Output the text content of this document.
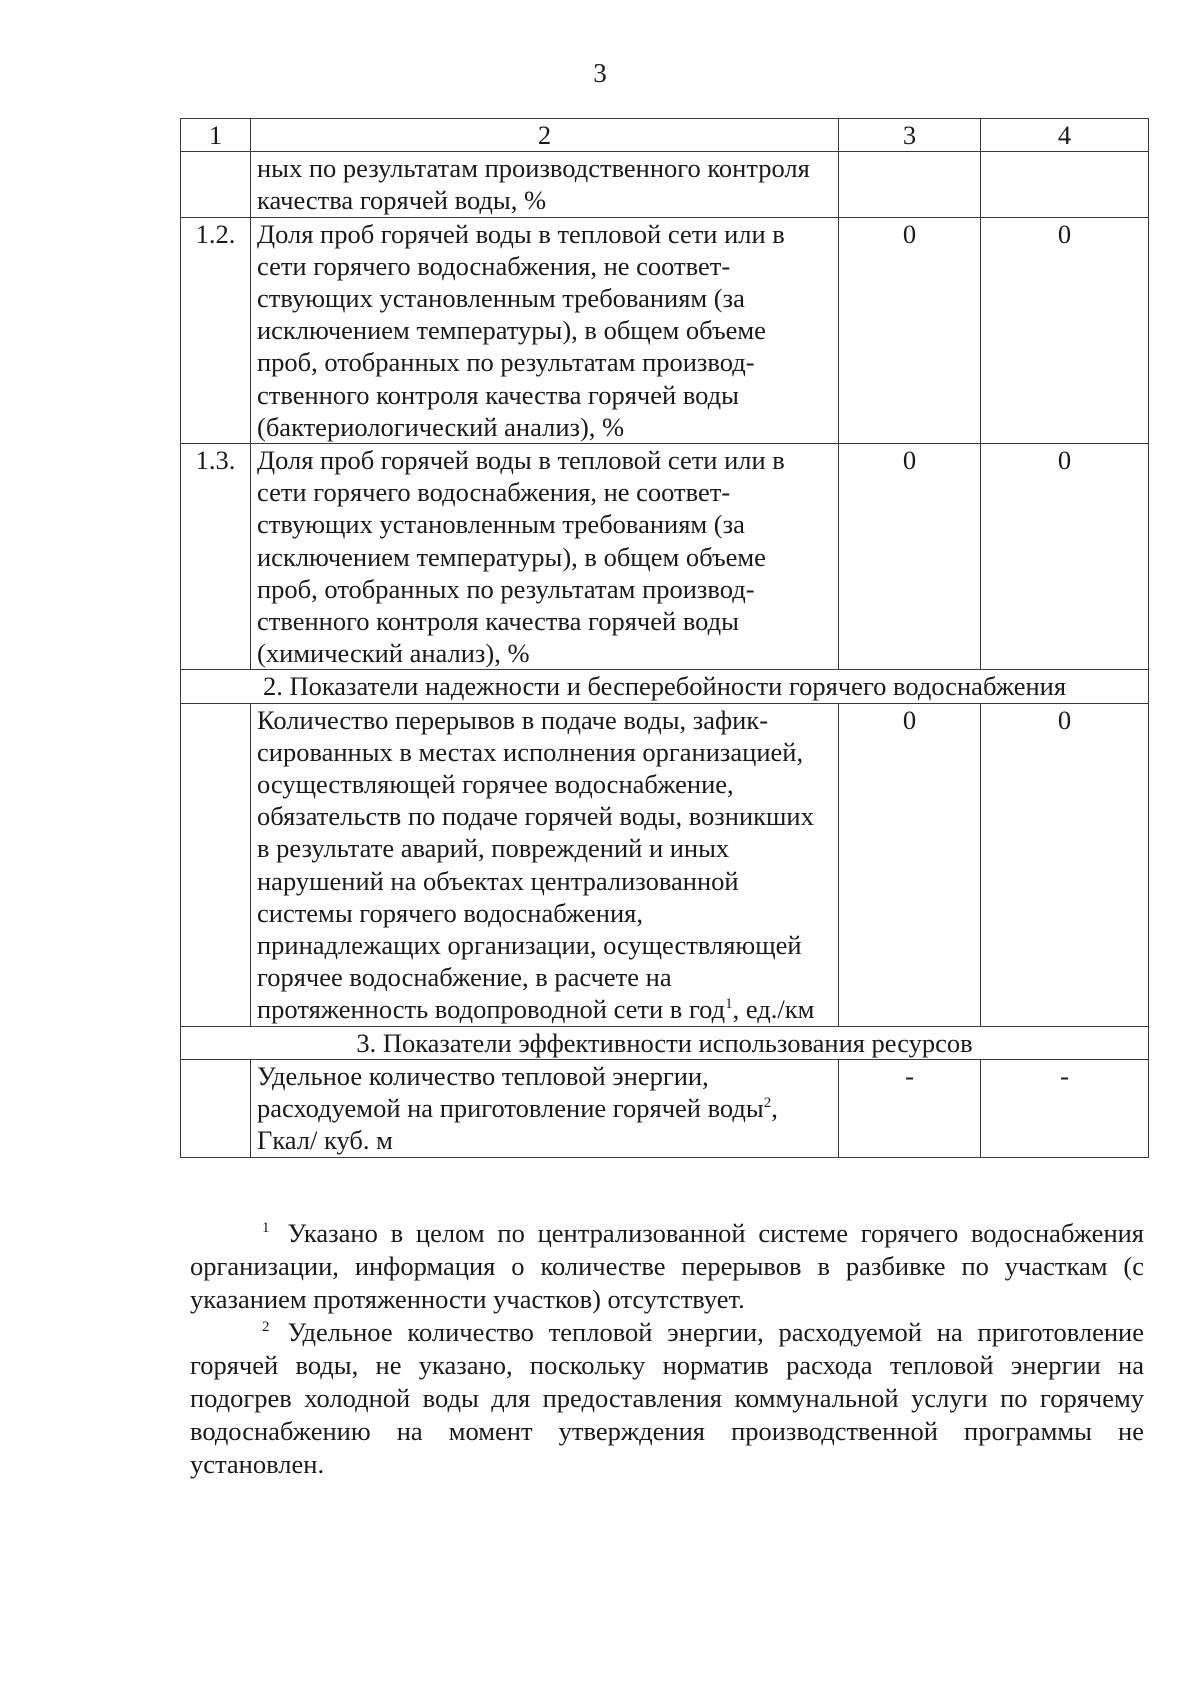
3
1	2	3	4
	ных по результатам производственного контроля качества горячей воды, %		
1.2.	Доля проб горячей воды в тепловой сети или в сети горячего водоснабжения, не соответствующих установленным требованиям (за исключением температуры), в общем объеме проб, отобранных по результатам производственного контроля качества горячей воды (бактериологический анализ), %	0	0
1.3.	Доля проб горячей воды в тепловой сети или в сети горячего водоснабжения, не соответствующих установленным требованиям (за исключением температуры), в общем объеме проб, отобранных по результатам производственного контроля качества горячей воды (химический анализ), %	0	0
2. Показатели надежности и бесперебойности горячего водоснабжения			
	Количество перерывов в подаче воды, зафиксированных в местах исполнения организацией, осуществляющей горячее водоснабжение, обязательств по подаче горячей воды, возникших в результате аварий, повреждений и иных нарушений на объектах централизованной системы горячего водоснабжения, принадлежащих организации, осуществляющей горячее водоснабжение, в расчете на протяженность водопроводной сети в год$^1$, ед./км	0	0
3. Показатели эффективности использования ресурсов			
	Удельное количество тепловой энергии, расходуемой на приготовление горячей воды$^2$, Гкал/ куб. м	-	-

$^1$ Указано в целом по централизованной системе горячего водоснабжения организации, информация о количестве перерывов в разбивке по участкам (с указанием протяженности участков) отсутствует.

$^2$ Удельное количество тепловой энергии, расходуемой на приготовление горячей воды, не указано, поскольку норматив расхода тепловой энергии на подогрев холодной воды для предоставления коммунальной услуги по горячему водоснабжению на момент утверждения производственной программы не установлен.
